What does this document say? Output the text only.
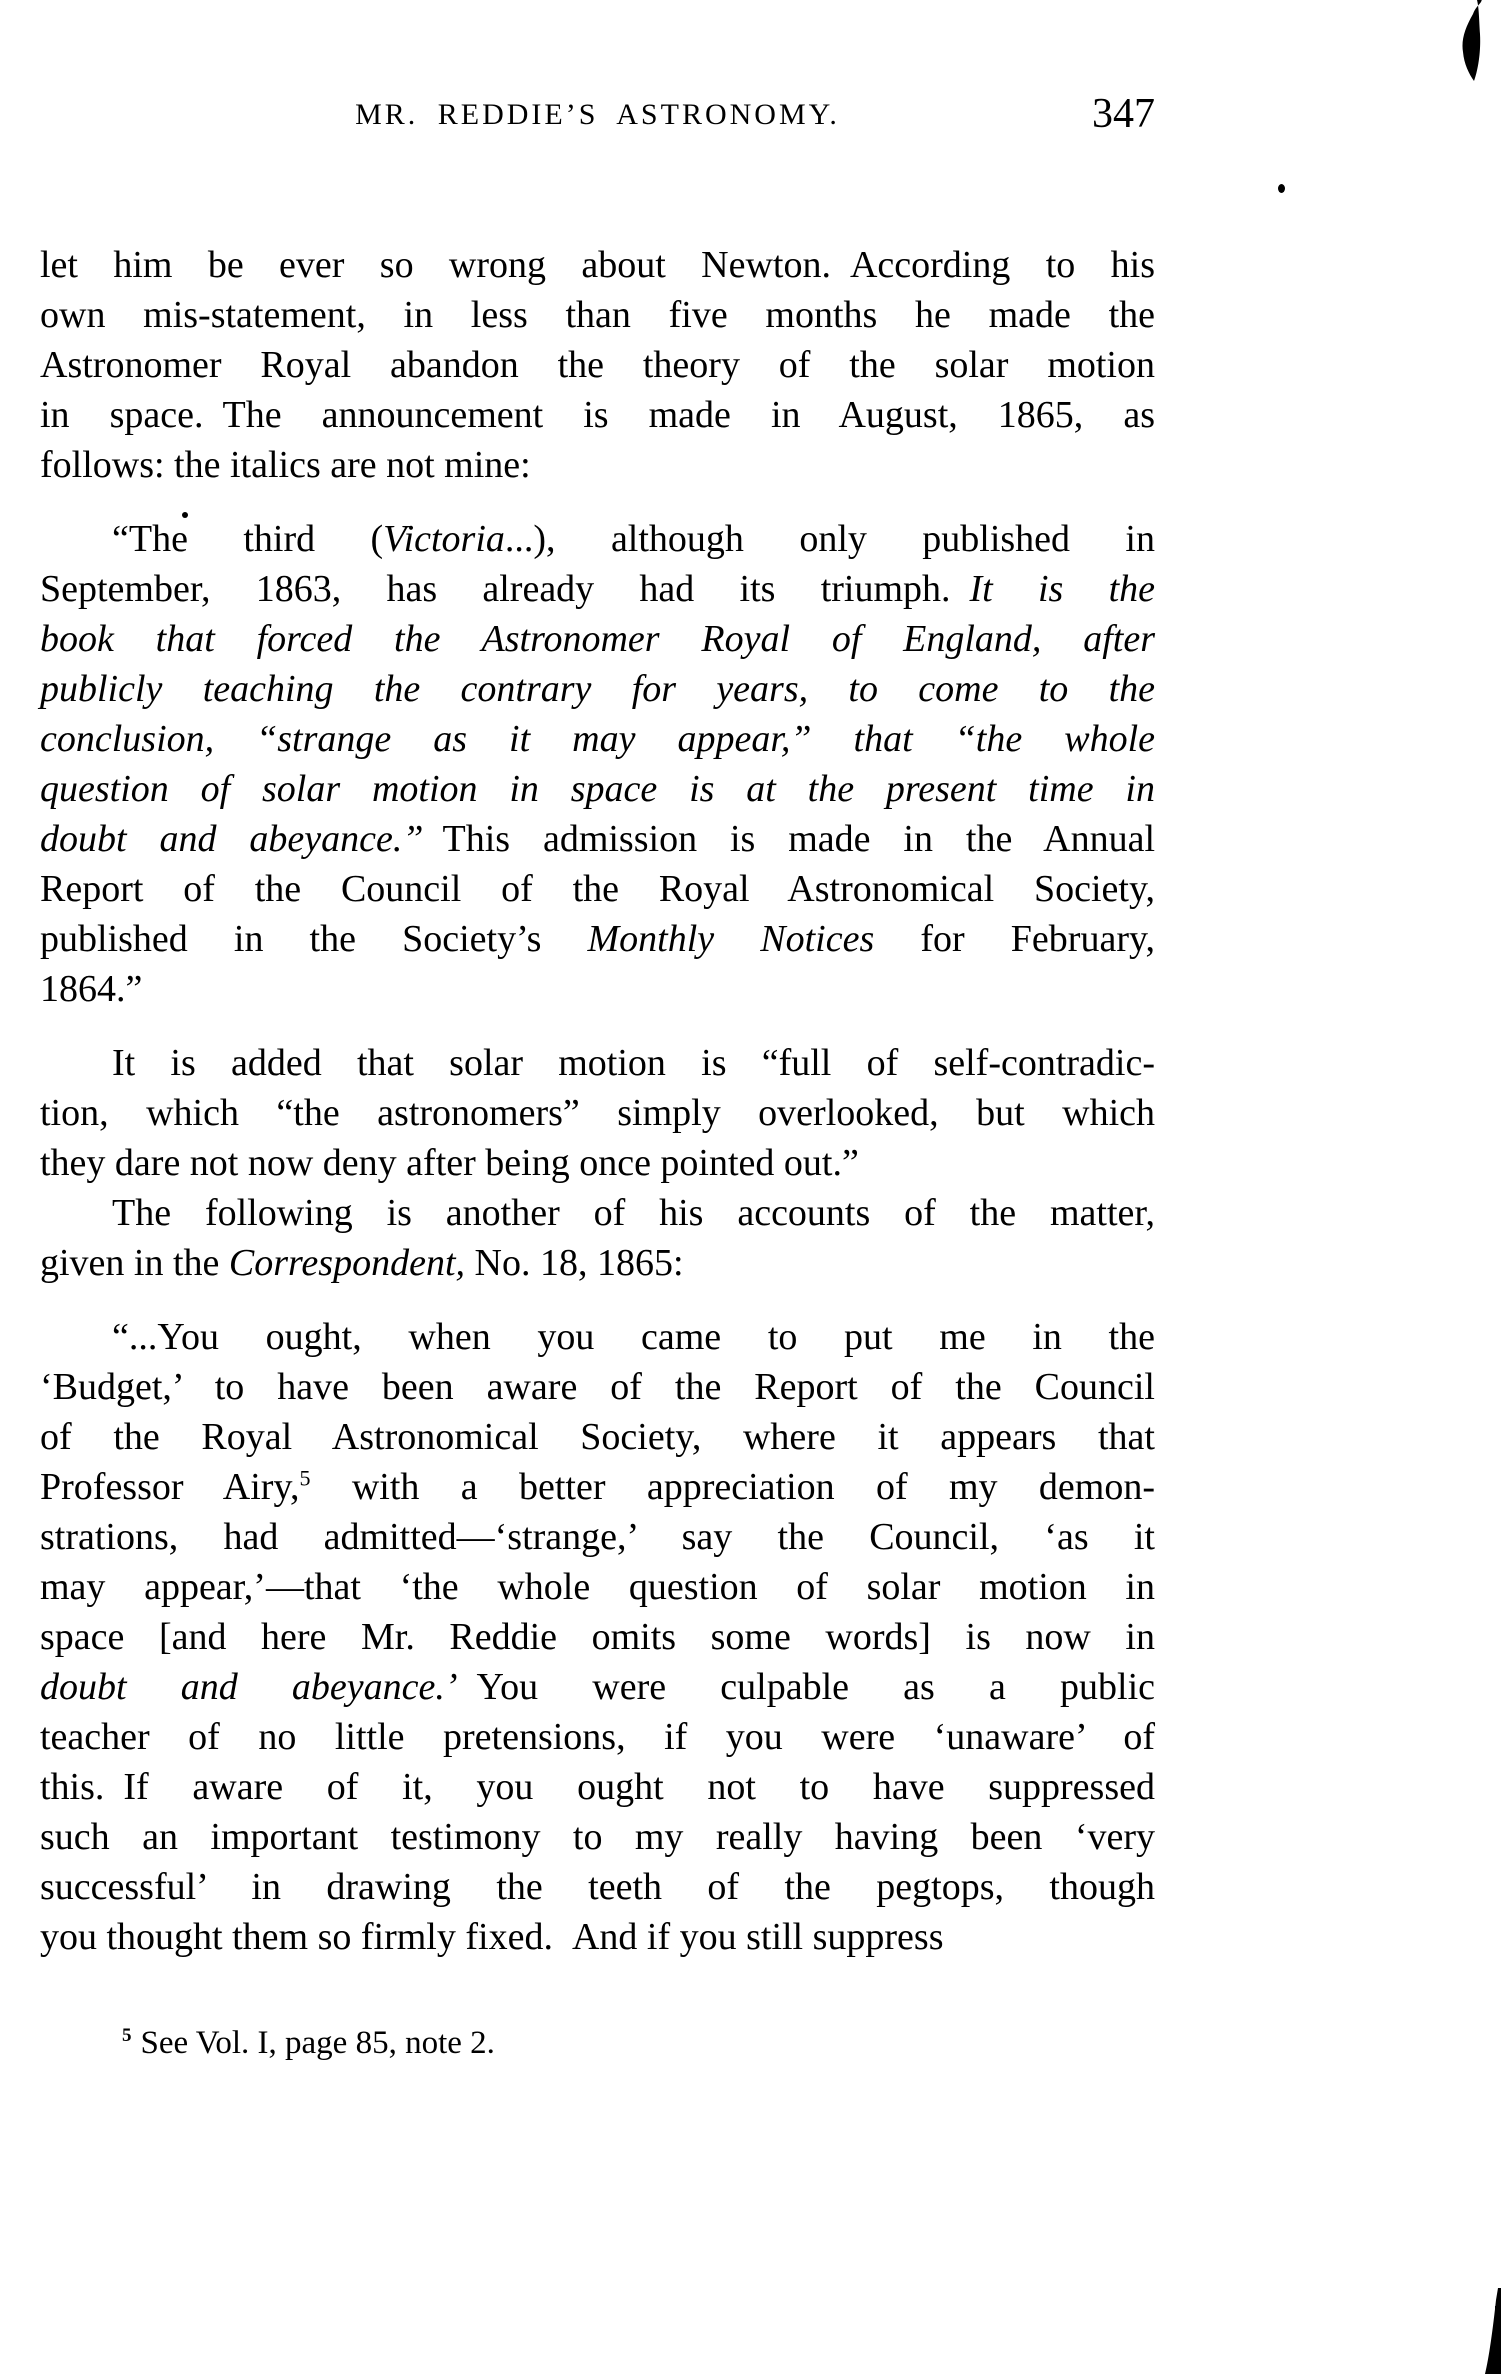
MR. REDDIE’S ASTRONOMY.	347
let him be ever so wrong about Newton. According to his
own mis-statement, in less than five months he made the
Astronomer Royal abandon the theory of the solar motion
in space. The announcement is made in August, 1865, as
follows: the italics are not mine:
“The third (Victoria...), although only published in
September, 1863, has already had its triumph. It is the
book that forced the Astronomer Royal of England, after
publicly teaching the contrary for years, to come to the
conclusion, “strange as it may appear,” that “the whole
question of solar motion in space is at the present time in
doubt and abeyance.” This admission is made in the Annual
Report of the Council of the Royal Astronomical Society,
published in the Society’s Monthly Notices for February,
1864.”
It is added that solar motion is “full of self-contradic-
tion, which “the astronomers” simply overlooked, but which
they dare not now deny after being once pointed out.”
The following is another of his accounts of the matter,
given in the Correspondent, No. 18, 1865:
“...You ought, when you came to put me in the
‘Budget,’ to have been aware of the Report of the Council
of the Royal Astronomical Society, where it appears that
Professor Airy,$^5$ with a better appreciation of my demon-
strations, had admitted—‘strange,’ say the Council, ‘as it
may appear,’—that ‘the whole question of solar motion in
space [and here Mr. Reddie omits some words] is now in
doubt and abeyance.’ You were culpable as a public
teacher of no little pretensions, if you were ‘unaware’ of
this. If aware of it, you ought not to have suppressed
such an important testimony to my really having been ‘very
successful’ in drawing the teeth of the pegtops, though
you thought them so firmly fixed. And if you still suppress
$^5$ See Vol. I, page 85, note 2.
